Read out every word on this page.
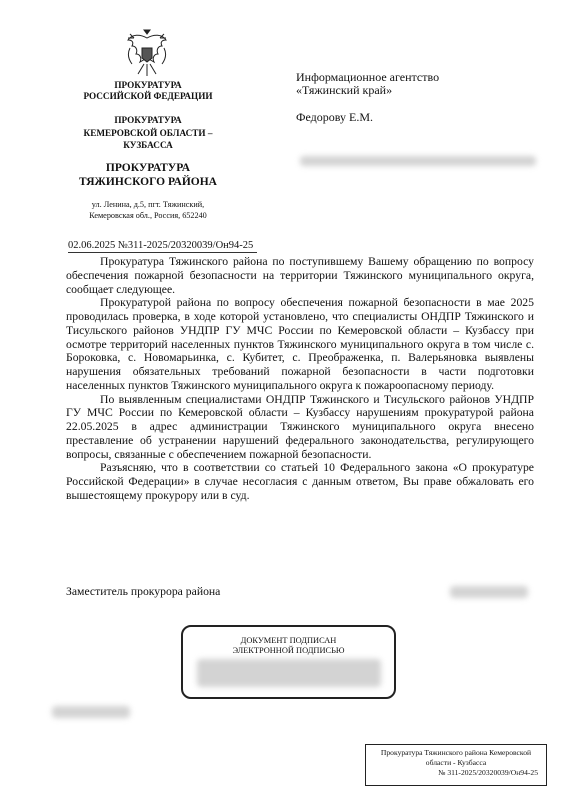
ПРОКУРАТУРА
РОССИЙСКОЙ ФЕДЕРАЦИИ
ПРОКУРАТУРА
КЕМЕРОВСКОЙ ОБЛАСТИ –
КУЗБАССА
ПРОКУРАТУРА
ТЯЖИНСКОГО РАЙОНА
ул. Ленина, д.5, пгт. Тяжинский,
Кемеровская обл., Россия, 652240
02.06.2025 №311-2025/20320039/Он94-25
Информационное агентство
«Тяжинский край»
Федорову Е.М.

Прокуратура Тяжинского района по поступившему Вашему обращению по вопросу обеспечения пожарной безопасности на территории Тяжинского муниципального округа, сообщает следующее.

Прокуратурой района по вопросу обеспечения пожарной безопасности в мае 2025 проводилась проверка, в ходе которой установлено, что специалисты ОНДПР Тяжинского и Тисульского районов УНДПР ГУ МЧС России по Кемеровской области – Кузбассу при осмотре территорий населенных пунктов Тяжинского муниципального округа в том числе с. Бороковка, с. Новомарьинка, с. Кубитет, с. Преображенка, п. Валерьяновка выявлены нарушения обязательных требований пожарной безопасности в части подготовки населенных пунктов Тяжинского муниципального округа к пожароопасному периоду.

По выявленным специалистами ОНДПР Тяжинского и Тисульского районов УНДПР ГУ МЧС России по Кемеровской области – Кузбассу нарушениям прокуратурой района 22.05.2025 в адрес администрации Тяжинского муниципального округа внесено преставление об устранении нарушений федерального законодательства, регулирующего вопросы, связанные с обеспечением пожарной безопасности.

Разъясняю, что в соответствии со статьей 10 Федерального закона «О прокуратуре Российской Федерации» в случае несогласия с данным ответом, Вы праве обжаловать его вышестоящему прокурору или в суд.

Заместитель прокурора района
ДОКУМЕНТ ПОДПИСАН
ЭЛЕКТРОННОЙ ПОДПИСЬЮ
Прокуратура Тяжинского района Кемеровской
области - Кузбасса
№ 311-2025/20320039/Он94-25
